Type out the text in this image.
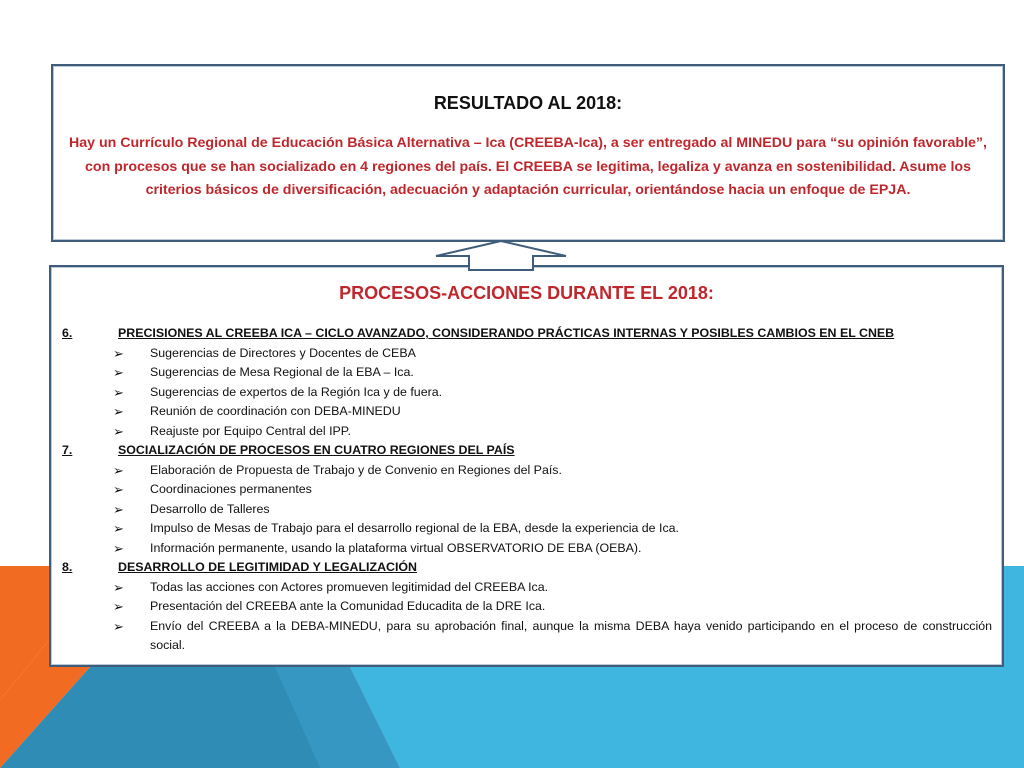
RESULTADO AL 2018:
Hay un Currículo Regional de Educación Básica Alternativa – Ica (CREEBA-Ica), a ser entregado al MINEDU para “su opinión favorable”, con procesos que se han socializado en 4 regiones del país. El CREEBA se legitima, legaliza y avanza en sostenibilidad. Asume los criterios básicos de diversificación, adecuación y adaptación curricular, orientándose hacia un enfoque de EPJA.
PROCESOS-ACCIONES DURANTE EL 2018:
6.	PRECISIONES AL CREEBA ICA – CICLO AVANZADO, CONSIDERANDO PRÁCTICAS INTERNAS Y POSIBLES CAMBIOS EN EL CNEB
➢	Sugerencias de Directores y Docentes de CEBA
➢	Sugerencias de Mesa Regional de la EBA – Ica.
➢	Sugerencias de expertos de la Región Ica y de fuera.
➢	Reunión de coordinación con DEBA-MINEDU
➢	Reajuste por Equipo Central del IPP.
7.	SOCIALIZACIÓN DE PROCESOS EN CUATRO REGIONES DEL PAÍS
➢	Elaboración de Propuesta de Trabajo y de Convenio en Regiones del País.
➢	Coordinaciones permanentes
➢	Desarrollo de Talleres
➢	Impulso de Mesas de Trabajo para el desarrollo regional de la EBA, desde la experiencia de Ica.
➢	Información permanente, usando la plataforma virtual OBSERVATORIO DE EBA (OEBA).
8.	DESARROLLO DE LEGITIMIDAD Y LEGALIZACIÓN
➢	Todas las acciones con Actores promueven legitimidad del CREEBA Ica.
➢	Presentación del CREEBA ante la Comunidad Educadita de la DRE Ica.
➢	Envío del CREEBA a la DEBA-MINEDU, para su aprobación final, aunque la misma DEBA haya venido participando en el proceso de construcción social.
